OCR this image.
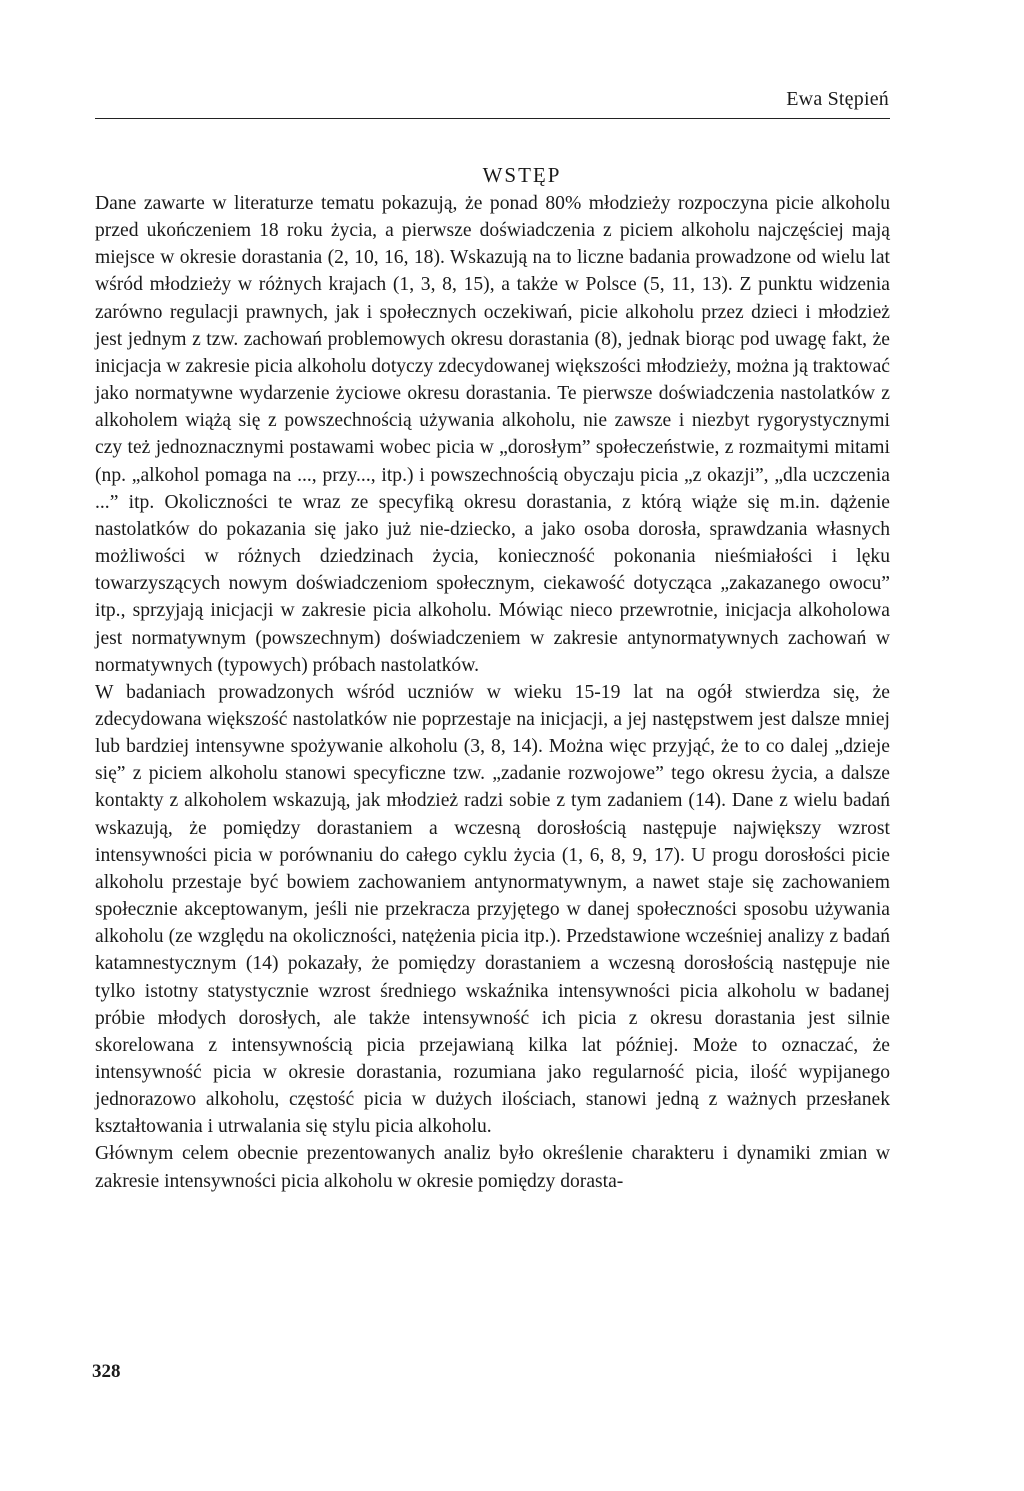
Ewa Stępień
WSTĘP

Dane zawarte w literaturze tematu pokazują, że ponad 80% młodzieży rozpoczyna picie alkoholu przed ukończeniem 18 roku życia, a pierwsze doświadczenia z piciem alkoholu najczęściej mają miejsce w okresie dorastania (2, 10, 16, 18). Wskazują na to liczne badania prowadzone od wielu lat wśród młodzieży w różnych krajach (1, 3, 8, 15), a także w Polsce (5, 11, 13). Z punktu widzenia zarówno regulacji prawnych, jak i społecznych oczekiwań, picie alkoholu przez dzieci i młodzież jest jednym z tzw. zachowań problemowych okresu dorastania (8), jednak biorąc pod uwagę fakt, że inicjacja w zakresie picia alkoholu dotyczy zdecydowanej większości młodzieży, można ją traktować jako normatywne wydarzenie życiowe okresu dorastania. Te pierwsze doświadczenia nastolatków z alkoholem wiążą się z powszechnością używania alkoholu, nie zawsze i niezbyt rygorystycznymi czy też jednoznacznymi postawami wobec picia w „dorosłym” społeczeństwie, z rozmaitymi mitami (np. „alkohol pomaga na ..., przy..., itp.) i powszechnością obyczaju picia „z okazji”, „dla uczczenia ...” itp. Okoliczności te wraz ze specyfiką okresu dorastania, z którą wiąże się m.in. dążenie nastolatków do pokazania się jako już nie-dziecko, a jako osoba dorosła, sprawdzania własnych możliwości w różnych dziedzinach życia, konieczność pokonania nieśmiałości i lęku towarzyszących nowym doświadczeniom społecznym, ciekawość dotycząca „zakazanego owocu” itp., sprzyjają inicjacji w zakresie picia alkoholu. Mówiąc nieco przewrotnie, inicjacja alkoholowa jest normatywnym (powszechnym) doświadczeniem w zakresie antynormatywnych zachowań w normatywnych (typowych) próbach nastolatków.

W badaniach prowadzonych wśród uczniów w wieku 15-19 lat na ogół stwierdza się, że zdecydowana większość nastolatków nie poprzestaje na inicjacji, a jej następstwem jest dalsze mniej lub bardziej intensywne spożywanie alkoholu (3, 8, 14). Można więc przyjąć, że to co dalej „dzieje się” z piciem alkoholu stanowi specyficzne tzw. „zadanie rozwojowe” tego okresu życia, a dalsze kontakty z alkoholem wskazują, jak młodzież radzi sobie z tym zadaniem (14). Dane z wielu badań wskazują, że pomiędzy dorastaniem a wczesną dorosłością następuje największy wzrost intensywności picia w porównaniu do całego cyklu życia (1, 6, 8, 9, 17). U progu dorosłości picie alkoholu przestaje być bowiem zachowaniem antynormatywnym, a nawet staje się zachowaniem społecznie akceptowanym, jeśli nie przekracza przyjętego w danej społeczności sposobu używania alkoholu (ze względu na okoliczności, natężenia picia itp.). Przedstawione wcześniej analizy z badań katamnestycznym (14) pokazały, że pomiędzy dorastaniem a wczesną dorosłością następuje nie tylko istotny statystycznie wzrost średniego wskaźnika intensywności picia alkoholu w badanej próbie młodych dorosłych, ale także intensywność ich picia z okresu dorastania jest silnie skorelowana z intensywnością picia przejawianą kilka lat później. Może to oznaczać, że intensywność picia w okresie dorastania, rozumiana jako regularność picia, ilość wypijanego jednorazowo alkoholu, częstość picia w dużych ilościach, stanowi jedną z ważnych przesłanek kształtowania i utrwalania się stylu picia alkoholu.

Głównym celem obecnie prezentowanych analiz było określenie charakteru i dynamiki zmian w zakresie intensywności picia alkoholu w okresie pomiędzy dorasta-

328
